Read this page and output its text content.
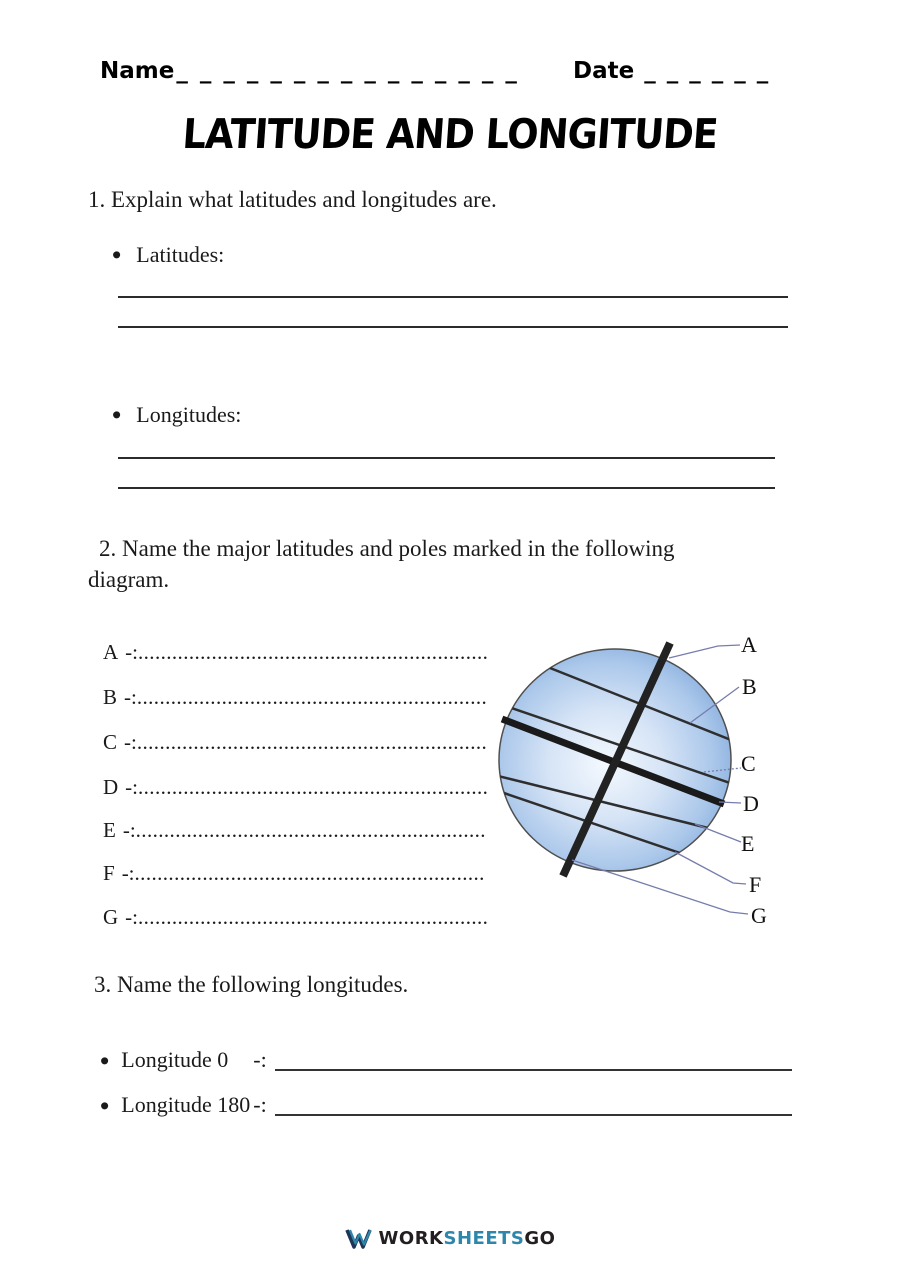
Name_______________ Date ______
LATITUDE AND LONGITUDE
1. Explain what latitudes and longitudes are.
● Latitudes:
● Longitudes:
2. Name the major latitudes and poles marked in the following diagram.
A -:..............................................................
B -:..............................................................
C -:..............................................................
D -:..............................................................
E -:..............................................................
F -:..............................................................
G -:..............................................................
A
B
C
D
E
F
G
3. Name the following longitudes.
● Longitude 0	-:
● Longitude 180 -:
WORKSHEETSGO
